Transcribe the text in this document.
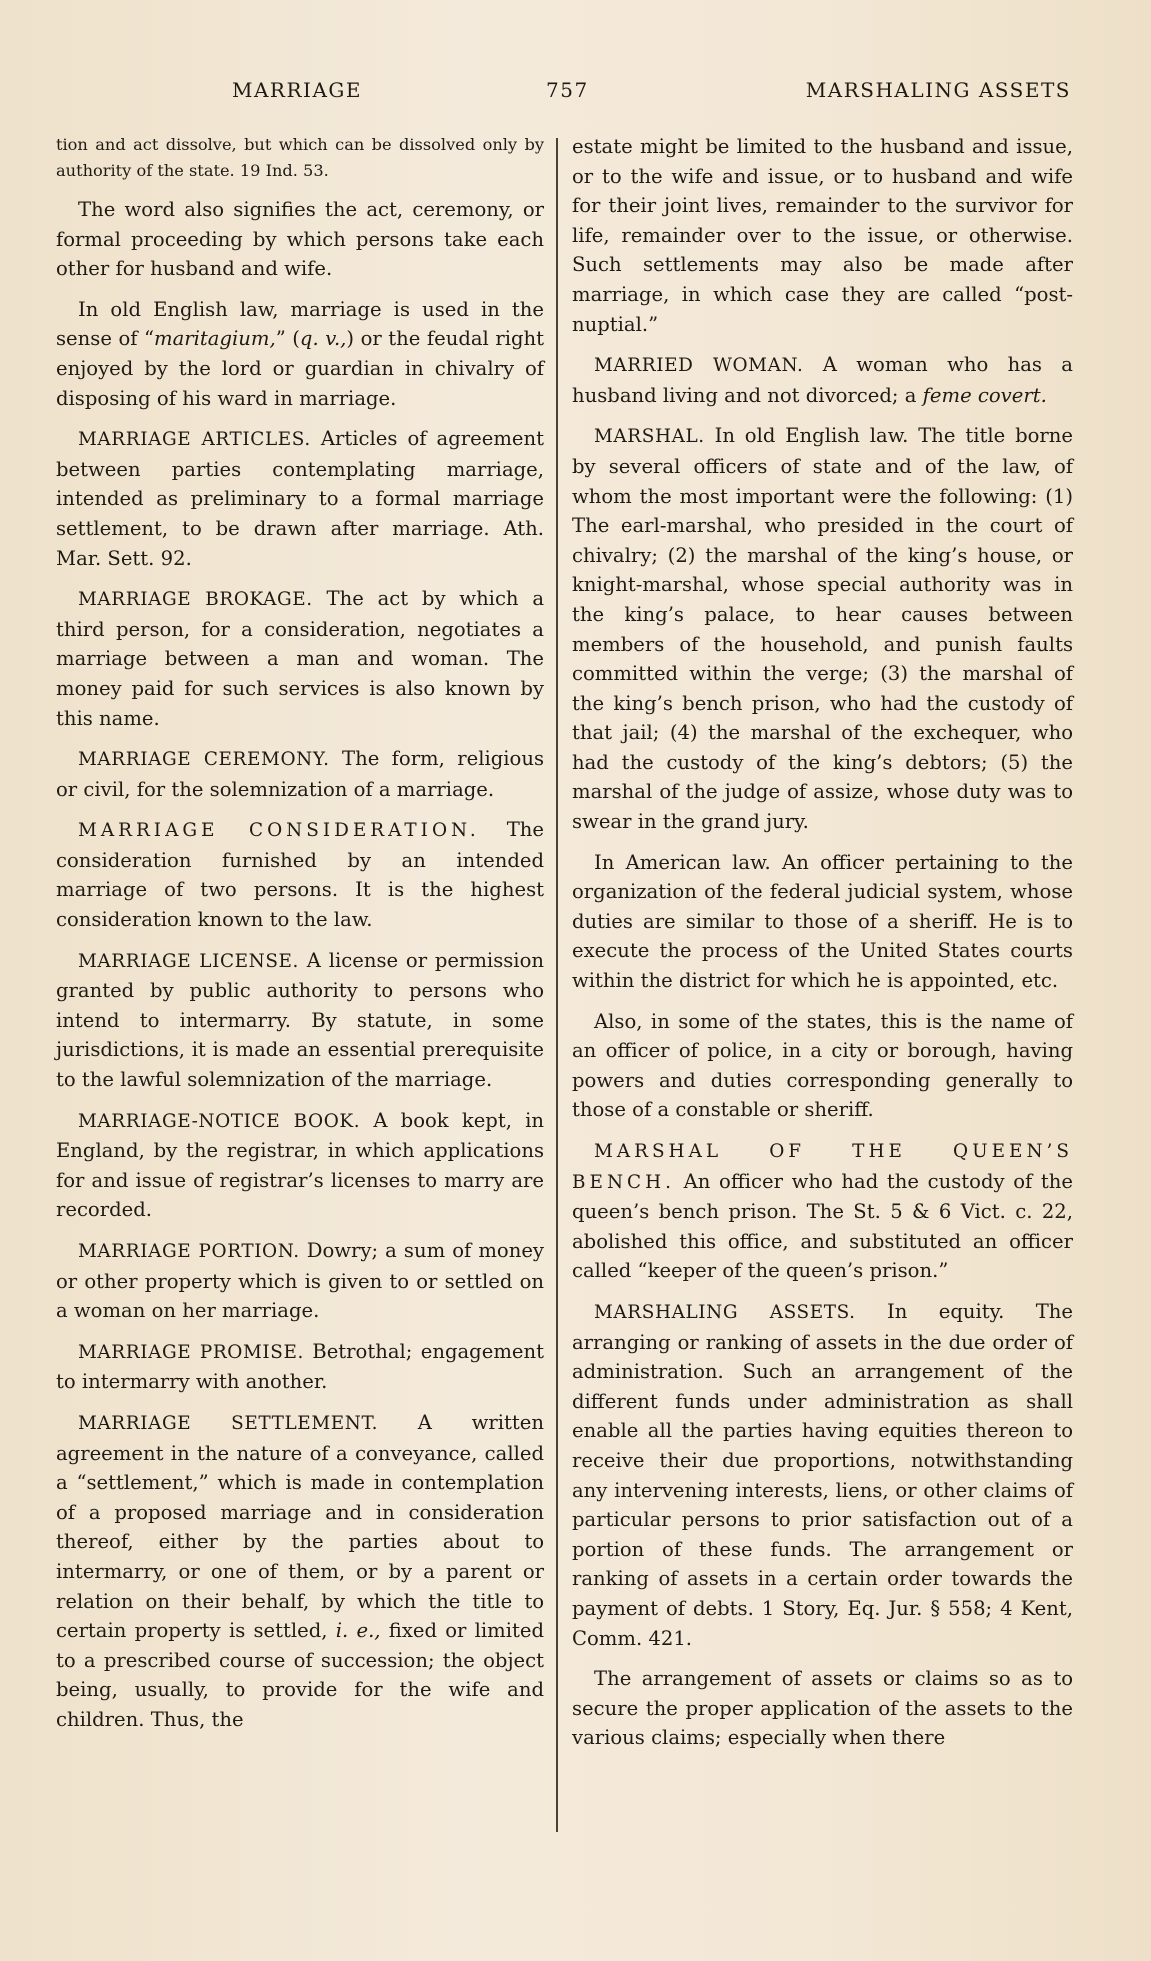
MARRIAGE	757	MARSHALING ASSETS

tion and act dissolve, but which can be dissolved only by authority of the state. 19 Ind. 53.

The word also signifies the act, ceremony, or formal proceeding by which persons take each other for husband and wife.

In old English law, marriage is used in the sense of “maritagium,” (q. v.,) or the feudal right enjoyed by the lord or guardian in chivalry of disposing of his ward in marriage.

MARRIAGE ARTICLES. Articles of agreement between parties contemplating marriage, intended as preliminary to a formal marriage settlement, to be drawn after marriage. Ath. Mar. Sett. 92.

MARRIAGE BROKAGE. The act by which a third person, for a consideration, negotiates a marriage between a man and woman. The money paid for such services is also known by this name.

MARRIAGE CEREMONY. The form, religious or civil, for the solemnization of a marriage.

MARRIAGE CONSIDERATION. The consideration furnished by an intended marriage of two persons. It is the highest consideration known to the law.

MARRIAGE LICENSE. A license or permission granted by public authority to persons who intend to intermarry. By statute, in some jurisdictions, it is made an essential prerequisite to the lawful solemnization of the marriage.

MARRIAGE-NOTICE BOOK. A book kept, in England, by the registrar, in which applications for and issue of registrar’s licenses to marry are recorded.

MARRIAGE PORTION. Dowry; a sum of money or other property which is given to or settled on a woman on her marriage.

MARRIAGE PROMISE. Betrothal; engagement to intermarry with another.

MARRIAGE SETTLEMENT. A written agreement in the nature of a conveyance, called a “settlement,” which is made in contemplation of a proposed marriage and in consideration thereof, either by the parties about to intermarry, or one of them, or by a parent or relation on their behalf, by which the title to certain property is settled, i. e., fixed or limited to a prescribed course of succession; the object being, usually, to provide for the wife and children. Thus, the

estate might be limited to the husband and issue, or to the wife and issue, or to husband and wife for their joint lives, remainder to the survivor for life, remainder over to the issue, or otherwise. Such settlements may also be made after marriage, in which case they are called “post-nuptial.”

MARRIED WOMAN. A woman who has a husband living and not divorced; a feme covert.

MARSHAL. In old English law. The title borne by several officers of state and of the law, of whom the most important were the following: (1) The earl-marshal, who presided in the court of chivalry; (2) the marshal of the king’s house, or knight-marshal, whose special authority was in the king’s palace, to hear causes between members of the household, and punish faults committed within the verge; (3) the marshal of the king’s bench prison, who had the custody of that jail; (4) the marshal of the exchequer, who had the custody of the king’s debtors; (5) the marshal of the judge of assize, whose duty was to swear in the grand jury.

In American law. An officer pertaining to the organization of the federal judicial system, whose duties are similar to those of a sheriff. He is to execute the process of the United States courts within the district for which he is appointed, etc.

Also, in some of the states, this is the name of an officer of police, in a city or borough, having powers and duties corresponding generally to those of a constable or sheriff.

MARSHAL OF THE QUEEN’S BENCH. An officer who had the custody of the queen’s bench prison. The St. 5 & 6 Vict. c. 22, abolished this office, and substituted an officer called “keeper of the queen’s prison.”

MARSHALING ASSETS. In equity. The arranging or ranking of assets in the due order of administration. Such an arrangement of the different funds under administration as shall enable all the parties having equities thereon to receive their due proportions, notwithstanding any intervening interests, liens, or other claims of particular persons to prior satisfaction out of a portion of these funds. The arrangement or ranking of assets in a certain order towards the payment of debts. 1 Story, Eq. Jur. § 558; 4 Kent, Comm. 421.

The arrangement of assets or claims so as to secure the proper application of the assets to the various claims; especially when there
